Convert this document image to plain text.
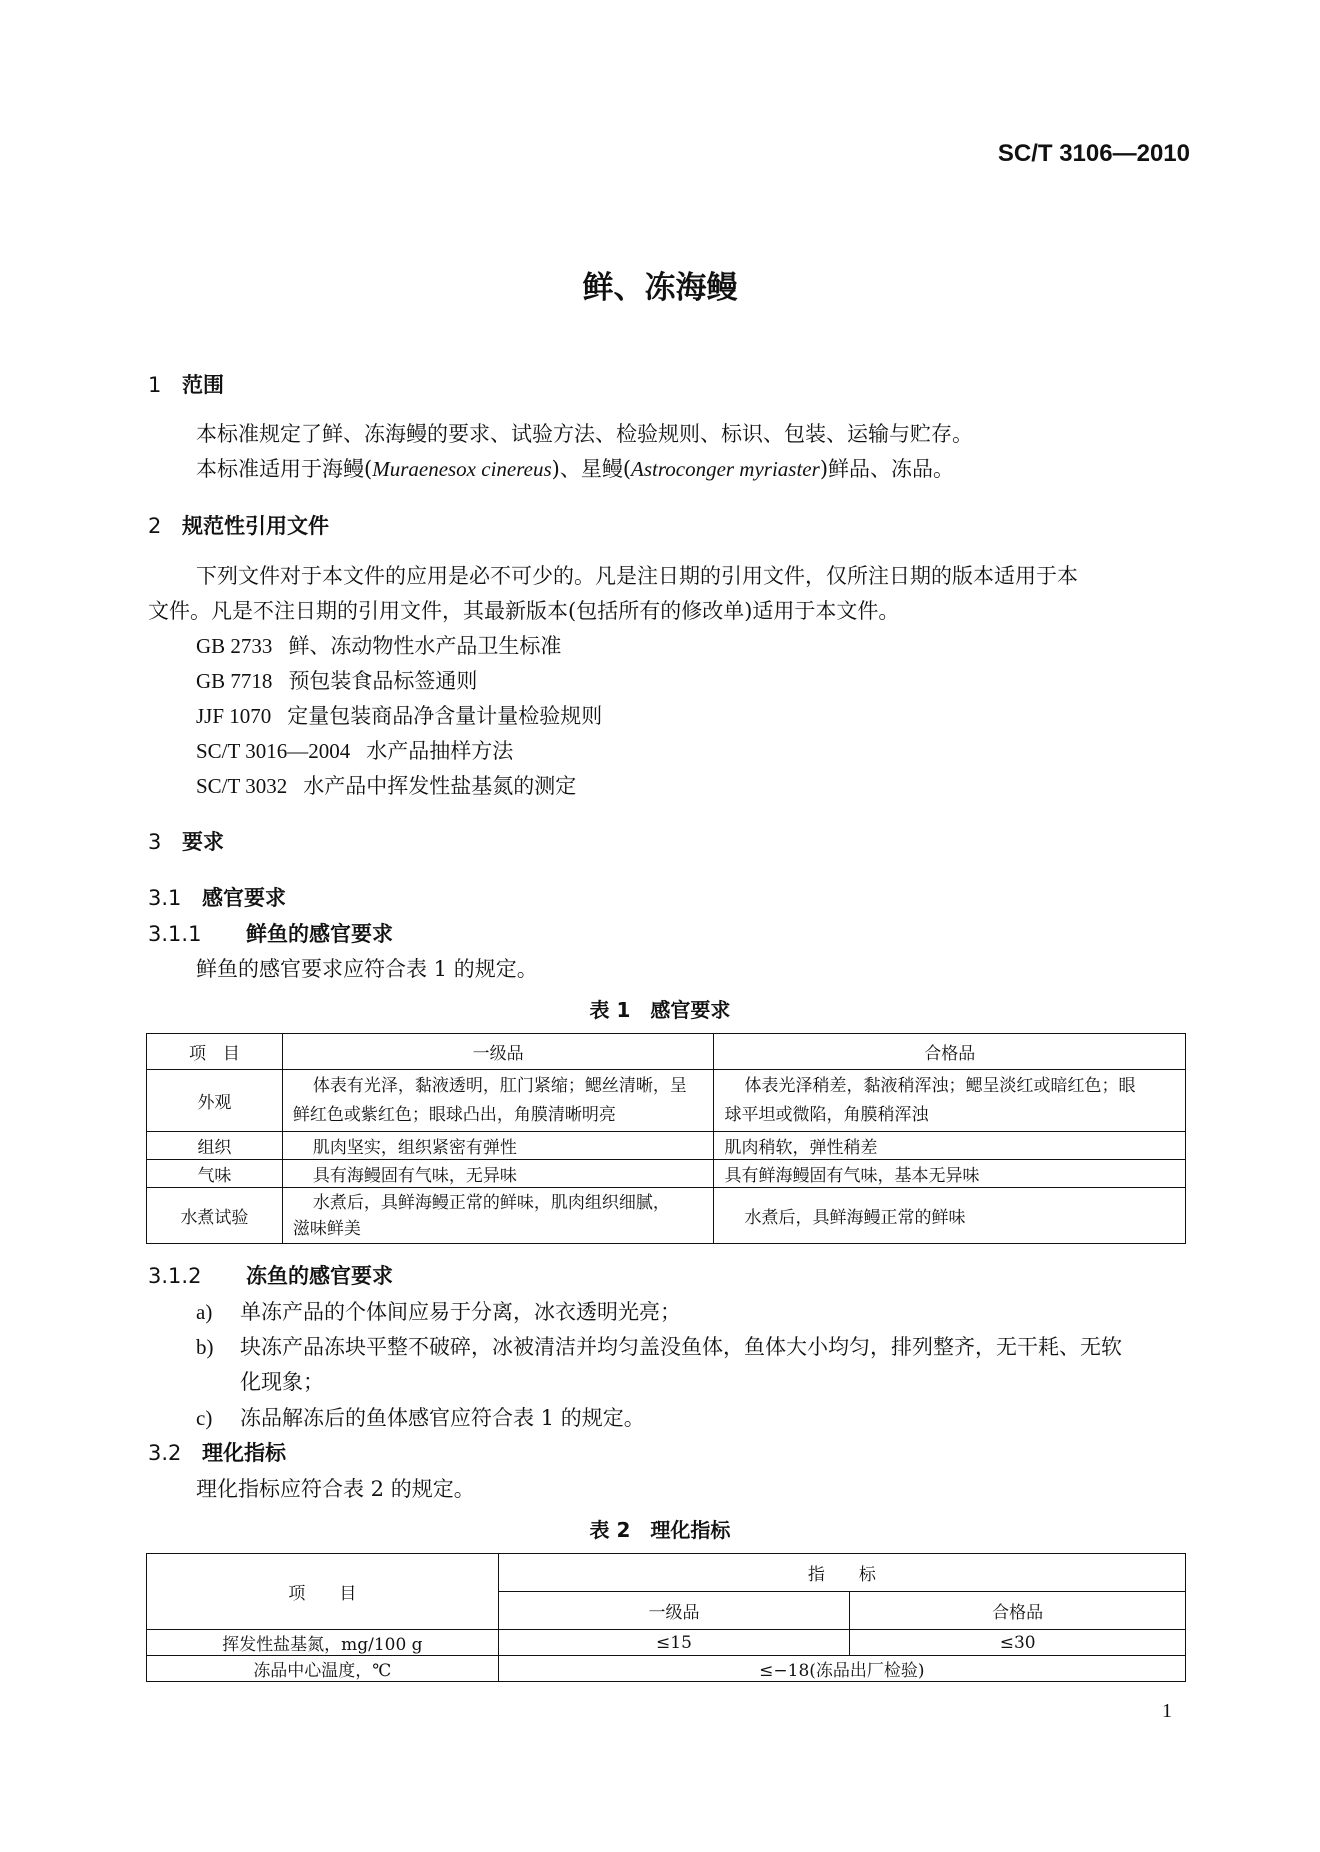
SC/T 3106—2010
鲜、冻海鳗
1 范围
本标准规定了鲜、冻海鳗的要求、试验方法、检验规则、标识、包装、运输与贮存。
本标准适用于海鳗(Muraenesox cinereus)、星鳗(Astroconger myriaster)鲜品、冻品。
2 规范性引用文件
下列文件对于本文件的应用是必不可少的。凡是注日期的引用文件，仅所注日期的版本适用于本
文件。凡是不注日期的引用文件，其最新版本(包括所有的修改单)适用于本文件。
GB 2733 鲜、冻动物性水产品卫生标准
GB 7718 预包装食品标签通则
JJF 1070 定量包装商品净含量计量检验规则
SC/T 3016—2004 水产品抽样方法
SC/T 3032 水产品中挥发性盐基氮的测定
3 要求
3.1 感官要求
3.1.1 鲜鱼的感官要求
鲜鱼的感官要求应符合表 1 的规定。
表 1　感官要求
项　目	一级品	合格品
外观	体表有光泽，黏液透明，肛门紧缩；鳃丝清晰，呈
鲜红色或紫红色；眼球凸出，角膜清晰明亮	体表光泽稍差，黏液稍浑浊；鳃呈淡红或暗红色；眼
球平坦或微陷，角膜稍浑浊
组织	肌肉坚实，组织紧密有弹性	肌肉稍软，弹性稍差
气味	具有海鳗固有气味，无异味	具有鲜海鳗固有气味，基本无异味
水煮试验	水煮后，具鲜海鳗正常的鲜味，肌肉组织细腻，
滋味鲜美	水煮后，具鲜海鳗正常的鲜味
3.1.2 冻鱼的感官要求
a) 单冻产品的个体间应易于分离，冰衣透明光亮；
b) 块冻产品冻块平整不破碎，冰被清洁并均匀盖没鱼体，鱼体大小均匀，排列整齐，无干耗、无软
化现象；
c) 冻品解冻后的鱼体感官应符合表 1 的规定。
3.2 理化指标
理化指标应符合表 2 的规定。
表 2　理化指标
项　　目	指　　标	
	一级品	合格品
挥发性盐基氮，mg/100 g	≤15	≤30
冻品中心温度，℃	≤−18(冻品出厂检验)	
1
